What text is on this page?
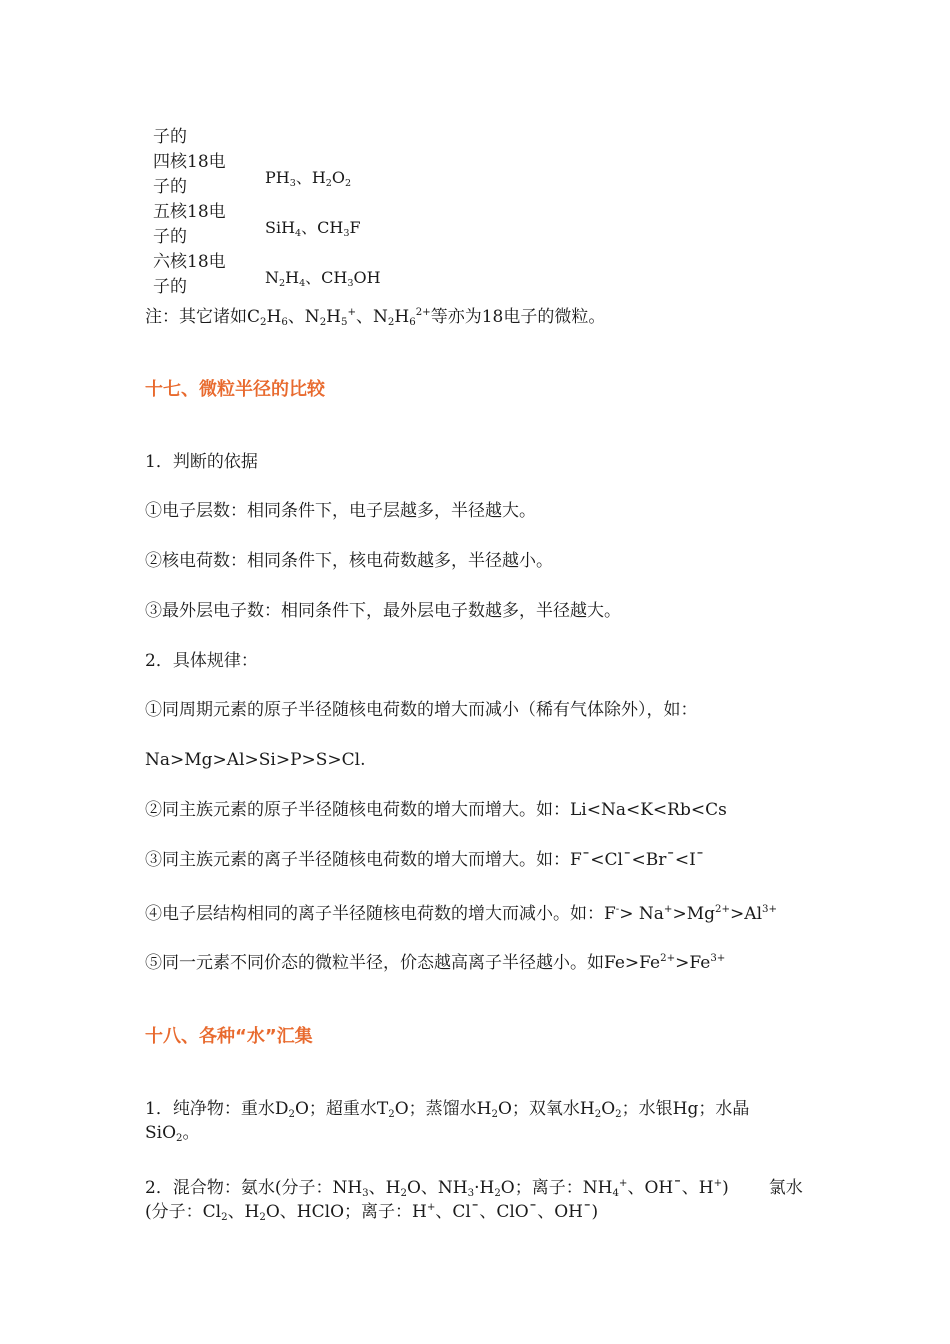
子的
四核18电
子的	$PH_3$、$H_2O_2$
五核18电
子的	SiH$_4$、$CH_3F$
六核18电
子的	$N_2H_4$、$CH_3OH$
注：其它诸如$C_2H_6$、$N_2H_5^+$、$N_2H_6^{2+}$等亦为18电子的微粒。
十七、微粒半径的比较
1．判断的依据
①电子层数：相同条件下，电子层越多，半径越大。
②核电荷数：相同条件下，核电荷数越多，半径越小。
③最外层电子数：相同条件下，最外层电子数越多，半径越大。
2．具体规律：
①同周期元素的原子半径随核电荷数的增大而减小（稀有气体除外），如：
Na>Mg>Al>Si>P>S>Cl.
②同主族元素的原子半径随核电荷数的增大而增大。如：Li<Na<K<Rb<Cs
③同主族元素的离子半径随核电荷数的增大而增大。如：F¯<Cl¯<Br¯<I¯
④电子层结构相同的离子半径随核电荷数的增大而减小。如：$F^-> Na^+>Mg^{2+}>Al^{3+}$
⑤同一元素不同价态的微粒半径，价态越高离子半径越小。如$Fe>Fe^{2+}>Fe^{3+}$
十八、各种“水”汇集
1．纯净物：重水$D_2O$；超重水$T_2O$；蒸馏水$H_2O$；双氧水$H_2O_2$；水银Hg；水晶
SiO$_2$。
2．混合物：氨水(分子：$NH_3$、$H_2O$、$NH_3\cdot H_2O$；离子：$NH_4^+$、OH¯、H+) 氯水
(分子：$Cl_2$、$H_2O$、HClO；离子：H+、Cl¯、ClO¯、OH¯)
